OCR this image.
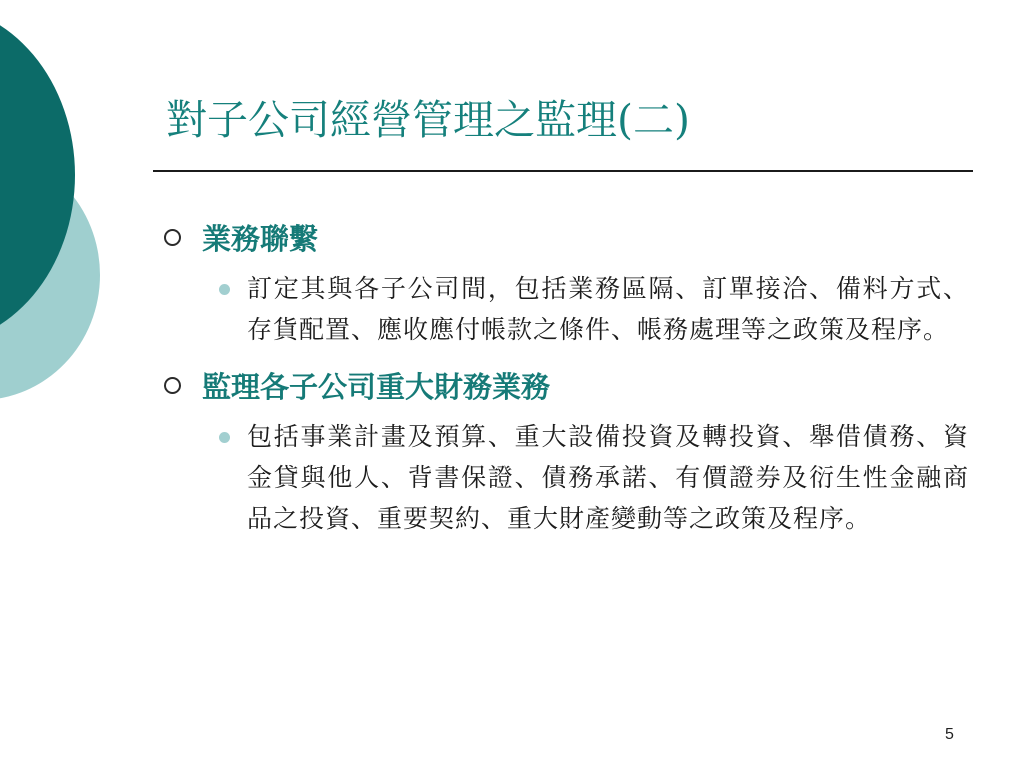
對子公司經營管理之監理(二)
業務聯繫
訂定其與各子公司間，包括業務區隔、訂單接洽、備料方式、存貨配置、應收應付帳款之條件、帳務處理等之政策及程序。
監理各子公司重大財務業務
包括事業計畫及預算、重大設備投資及轉投資、舉借債務、資金貸與他人、背書保證、債務承諾、有價證券及衍生性金融商品之投資、重要契約、重大財產變動等之政策及程序。
5
